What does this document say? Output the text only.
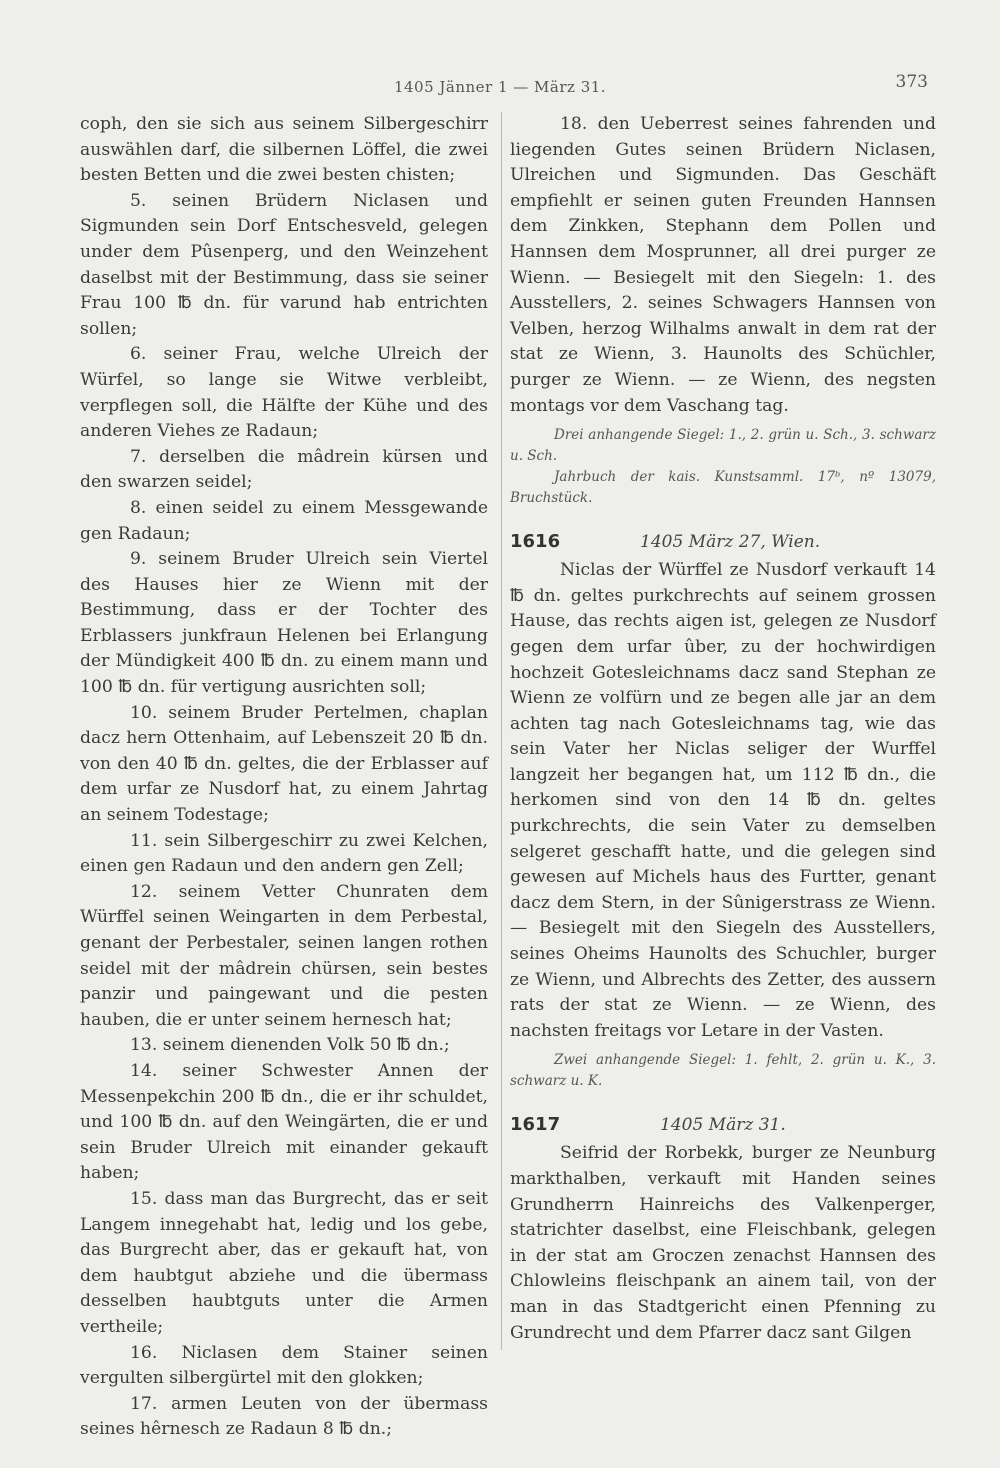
1405 Jänner 1 — März 31.	373

coph, den sie sich aus seinem Silbergeschirr auswählen darf, die silbernen Löffel, die zwei besten Betten und die zwei besten chisten;

5. seinen Brüdern Niclasen und Sigmunden sein Dorf Entschesveld, gelegen under dem Pûsenperg, und den Weinzehent daselbst mit der Bestimmung, dass sie seiner Frau 100 ℔ dn. für varund hab entrichten sollen;

6. seiner Frau, welche Ulreich der Würfel, so lange sie Witwe verbleibt, verpflegen soll, die Hälfte der Kühe und des anderen Viehes ze Radaun;

7. derselben die mâdrein kürsen und den swarzen seidel;

8. einen seidel zu einem Messgewande gen Radaun;

9. seinem Bruder Ulreich sein Viertel des Hauses hier ze Wienn mit der Bestimmung, dass er der Tochter des Erblassers junkfraun Helenen bei Erlangung der Mündigkeit 400 ℔ dn. zu einem mann und 100 ℔ dn. für vertigung ausrichten soll;

10. seinem Bruder Pertelmen, chaplan dacz hern Ottenhaim, auf Lebenszeit 20 ℔ dn. von den 40 ℔ dn. geltes, die der Erblasser auf dem urfar ze Nusdorf hat, zu einem Jahrtag an seinem Todestage;

11. sein Silbergeschirr zu zwei Kelchen, einen gen Radaun und den andern gen Zell;

12. seinem Vetter Chunraten dem Würffel seinen Weingarten in dem Perbestal, genant der Perbestaler, seinen langen rothen seidel mit der mâdrein chürsen, sein bestes panzir und paingewant und die pesten hauben, die er unter seinem hernesch hat;

13. seinem dienenden Volk 50 ℔ dn.;

14. seiner Schwester Annen der Messenpekchin 200 ℔ dn., die er ihr schuldet, und 100 ℔ dn. auf den Weingärten, die er und sein Bruder Ulreich mit einander gekauft haben;

15. dass man das Burgrecht, das er seit Langem innegehabt hat, ledig und los gebe, das Burgrecht aber, das er gekauft hat, von dem haubtgut abziehe und die übermass desselben haubtguts unter die Armen vertheile;

16. Niclasen dem Stainer seinen vergulten silbergürtel mit den glokken;

17. armen Leuten von der übermass seines hêrnesch ze Radaun 8 ℔ dn.;

18. den Ueberrest seines fahrenden und liegenden Gutes seinen Brüdern Niclasen, Ulreichen und Sigmunden. Das Geschäft empfiehlt er seinen guten Freunden Hannsen dem Zinkken, Stephann dem Pollen und Hannsen dem Mosprunner, all drei purger ze Wienn. — Besiegelt mit den Siegeln: 1. des Ausstellers, 2. seines Schwagers Hannsen von Velben, herzog Wilhalms anwalt in dem rat der stat ze Wienn, 3. Haunolts des Schüchler, purger ze Wienn. — ze Wienn, des negsten montags vor dem Vaschang tag.

Drei anhangende Siegel: 1., 2. grün u. Sch., 3. schwarz u. Sch.

Jahrbuch der kais. Kunstsamml. 17ᵇ, nº 13079, Bruchstück.

1616	1405 März 27, Wien.

Niclas der Würffel ze Nusdorf verkauft 14 ℔ dn. geltes purkchrechts auf seinem grossen Hause, das rechts aigen ist, gelegen ze Nusdorf gegen dem urfar ûber, zu der hochwirdigen hochzeit Gotesleichnams dacz sand Stephan ze Wienn ze volfürn und ze begen alle jar an dem achten tag nach Gotesleichnams tag, wie das sein Vater her Niclas seliger der Wurffel langzeit her begangen hat, um 112 ℔ dn., die herkomen sind von den 14 ℔ dn. geltes purkchrechts, die sein Vater zu demselben selgeret geschafft hatte, und die gelegen sind gewesen auf Michels haus des Furtter, genant dacz dem Stern, in der Sûnigerstrass ze Wienn. — Besiegelt mit den Siegeln des Ausstellers, seines Oheims Haunolts des Schuchler, burger ze Wienn, und Albrechts des Zetter, des aussern rats der stat ze Wienn. — ze Wienn, des nachsten freitags vor Letare in der Vasten.

Zwei anhangende Siegel: 1. fehlt, 2. grün u. K., 3. schwarz u. K.

1617	1405 März 31.

Seifrid der Rorbekk, burger ze Neunburg markthalben, verkauft mit Handen seines Grundherrn Hainreichs des Valkenperger, statrichter daselbst, eine Fleischbank, gelegen in der stat am Groczen zenachst Hannsen des Chlowleins fleischpank an ainem tail, von der man in das Stadtgericht einen Pfenning zu Grundrecht und dem Pfarrer dacz sant Gilgen
